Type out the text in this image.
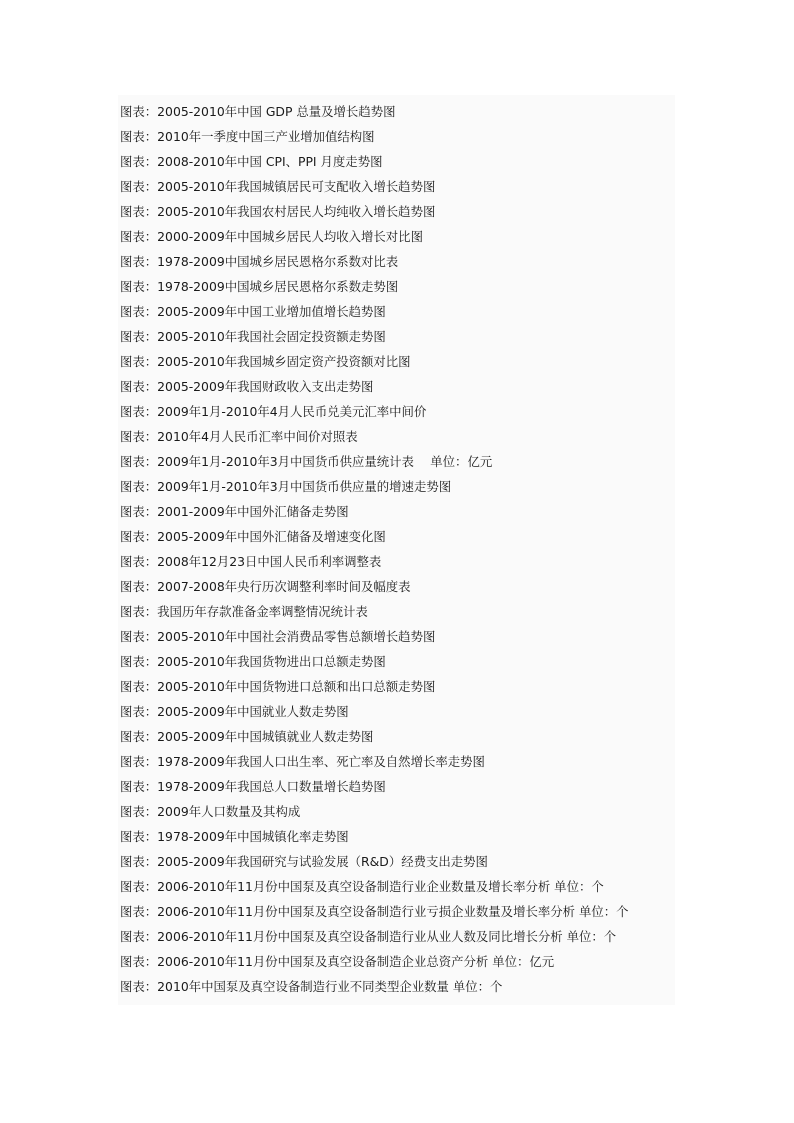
图表：2005-2010年中国 GDP 总量及增长趋势图
图表：2010年一季度中国三产业增加值结构图
图表：2008-2010年中国 CPI、PPI 月度走势图
图表：2005-2010年我国城镇居民可支配收入增长趋势图
图表：2005-2010年我国农村居民人均纯收入增长趋势图
图表：2000-2009年中国城乡居民人均收入增长对比图
图表：1978-2009中国城乡居民恩格尔系数对比表
图表：1978-2009中国城乡居民恩格尔系数走势图
图表：2005-2009年中国工业增加值增长趋势图
图表：2005-2010年我国社会固定投资额走势图
图表：2005-2010年我国城乡固定资产投资额对比图
图表：2005-2009年我国财政收入支出走势图
图表：2009年1月-2010年4月人民币兑美元汇率中间价
图表：2010年4月人民币汇率中间价对照表
图表：2009年1月-2010年3月中国货币供应量统计表　 单位：亿元
图表：2009年1月-2010年3月中国货币供应量的增速走势图
图表：2001-2009年中国外汇储备走势图
图表：2005-2009年中国外汇储备及增速变化图
图表：2008年12月23日中国人民币利率调整表
图表：2007-2008年央行历次调整利率时间及幅度表
图表：我国历年存款准备金率调整情况统计表
图表：2005-2010年中国社会消费品零售总额增长趋势图
图表：2005-2010年我国货物进出口总额走势图
图表：2005-2010年中国货物进口总额和出口总额走势图
图表：2005-2009年中国就业人数走势图
图表：2005-2009年中国城镇就业人数走势图
图表：1978-2009年我国人口出生率、死亡率及自然增长率走势图
图表：1978-2009年我国总人口数量增长趋势图
图表：2009年人口数量及其构成
图表：1978-2009年中国城镇化率走势图
图表：2005-2009年我国研究与试验发展（R&D）经费支出走势图
图表：2006-2010年11月份中国泵及真空设备制造行业企业数量及增长率分析 单位：个
图表：2006-2010年11月份中国泵及真空设备制造行业亏损企业数量及增长率分析 单位：个
图表：2006-2010年11月份中国泵及真空设备制造行业从业人数及同比增长分析 单位：个
图表：2006-2010年11月份中国泵及真空设备制造企业总资产分析 单位：亿元
图表：2010年中国泵及真空设备制造行业不同类型企业数量 单位：个
